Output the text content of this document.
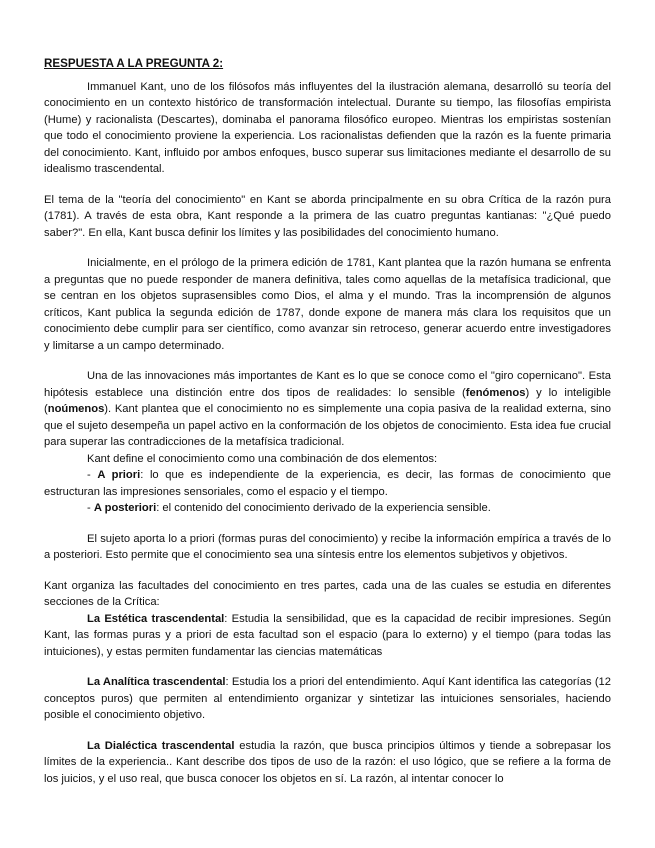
RESPUESTA A LA PREGUNTA 2:

Immanuel Kant, uno de los filósofos más influyentes del la ilustración alemana, desarrolló su teoría del conocimiento en un contexto histórico de transformación intelectual. Durante su tiempo, las filosofías empirista (Hume) y racionalista (Descartes), dominaba el panorama filosófico europeo. Mientras los empiristas sostenían que todo el conocimiento proviene la experiencia. Los racionalistas defienden que la razón es la fuente primaria del conocimiento. Kant, influido por ambos enfoques, busco superar sus limitaciones mediante el desarrollo de su idealismo trascendental.

El tema de la "teoría del conocimiento" en Kant se aborda principalmente en su obra Crítica de la razón pura (1781). A través de esta obra, Kant responde a la primera de las cuatro preguntas kantianas: "¿Qué puedo saber?". En ella, Kant busca definir los límites y las posibilidades del conocimiento humano.

Inicialmente, en el prólogo de la primera edición de 1781, Kant plantea que la razón humana se enfrenta a preguntas que no puede responder de manera definitiva, tales como aquellas de la metafísica tradicional, que se centran en los objetos suprasensibles como Dios, el alma y el mundo. Tras la incomprensión de algunos críticos, Kant publica la segunda edición de 1787, donde expone de manera más clara los requisitos que un conocimiento debe cumplir para ser científico, como avanzar sin retroceso, generar acuerdo entre investigadores y limitarse a un campo determinado.

Una de las innovaciones más importantes de Kant es lo que se conoce como el "giro copernicano". Esta hipótesis establece una distinción entre dos tipos de realidades: lo sensible (fenómenos) y lo inteligible (noúmenos). Kant plantea que el conocimiento no es simplemente una copia pasiva de la realidad externa, sino que el sujeto desempeña un papel activo en la conformación de los objetos de conocimiento. Esta idea fue crucial para superar las contradicciones de la metafísica tradicional.

Kant define el conocimiento como una combinación de dos elementos:

- A priori: lo que es independiente de la experiencia, es decir, las formas de conocimiento que estructuran las impresiones sensoriales, como el espacio y el tiempo.

- A posteriori: el contenido del conocimiento derivado de la experiencia sensible.

El sujeto aporta lo a priori (formas puras del conocimiento) y recibe la información empírica a través de lo a posteriori. Esto permite que el conocimiento sea una síntesis entre los elementos subjetivos y objetivos.

Kant organiza las facultades del conocimiento en tres partes, cada una de las cuales se estudia en diferentes secciones de la Crítica:

La Estética trascendental: Estudia la sensibilidad, que es la capacidad de recibir impresiones. Según Kant, las formas puras y a priori de esta facultad son el espacio (para lo externo) y el tiempo (para todas las intuiciones), y estas permiten fundamentar las ciencias matemáticas

La Analítica trascendental: Estudia los a priori del entendimiento. Aquí Kant identifica las categorías (12 conceptos puros) que permiten al entendimiento organizar y sintetizar las intuiciones sensoriales, haciendo posible el conocimiento objetivo.

La Dialéctica trascendental estudia la razón, que busca principios últimos y tiende a sobrepasar los límites de la experiencia.. Kant describe dos tipos de uso de la razón: el uso lógico, que se refiere a la forma de los juicios, y el uso real, que busca conocer los objetos en sí. La razón, al intentar conocer lo
